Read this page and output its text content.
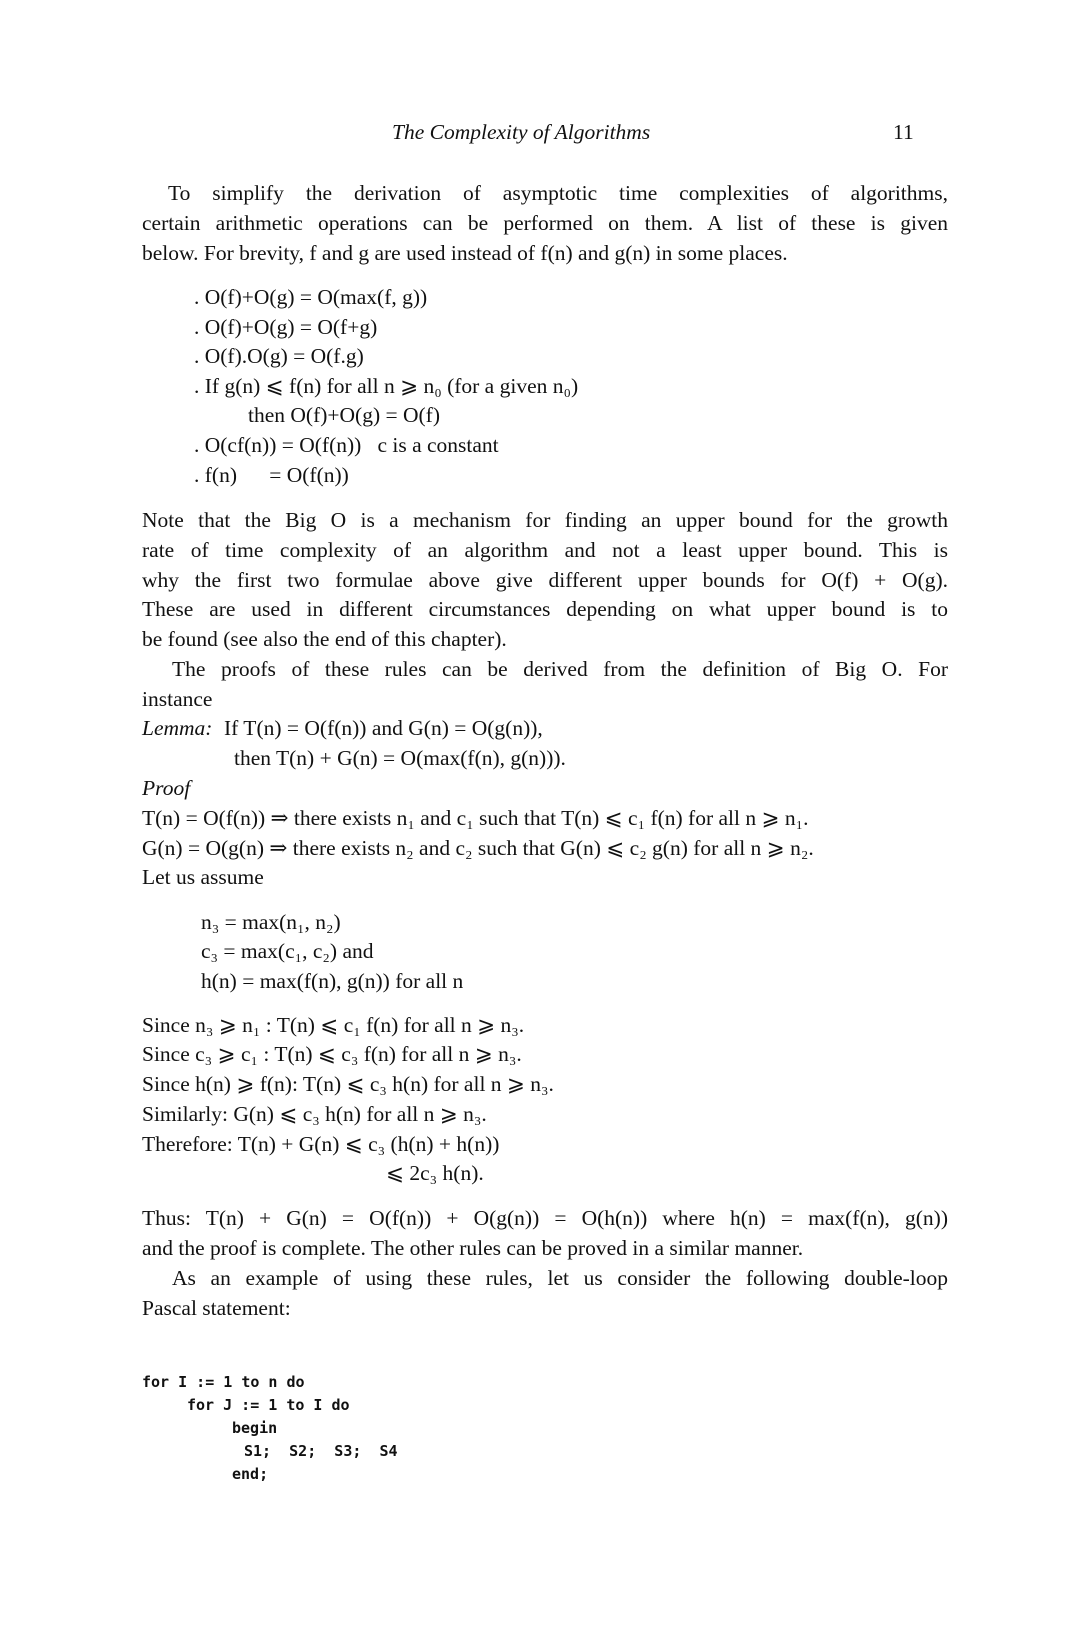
The Complexity of Algorithms	11
To simplify the derivation of asymptotic time complexities of algorithms,
certain arithmetic operations can be performed on them. A list of these is given
below. For brevity, f and g are used instead of f(n) and g(n) in some places.
. O(f)+O(g) = O(max(f, g))
. O(f)+O(g) = O(f+g)
. O(f).O(g) = O(f.g)
. If g(n) ⩽ f(n) for all n ⩾ n₀ (for a given n₀)
then O(f)+O(g) = O(f)
. O(cf(n)) = O(f(n))   c is a constant
. f(n)      = O(f(n))
Note that the Big O is a mechanism for finding an upper bound for the growth
rate of time complexity of an algorithm and not a least upper bound. This is
why the first two formulae above give different upper bounds for O(f) + O(g).
These are used in different circumstances depending on what upper bound is to
be found (see also the end of this chapter).
The proofs of these rules can be derived from the definition of Big O. For
instance
Lemma: If T(n) = O(f(n)) and G(n) = O(g(n)),
then T(n) + G(n) = O(max(f(n), g(n))).
Proof
T(n) = O(f(n)) ⇒ there exists n₁ and c₁ such that T(n) ⩽ c₁ f(n) for all n ⩾ n₁.
G(n) = O(g(n) ⇒ there exists n₂ and c₂ such that G(n) ⩽ c₂ g(n) for all n ⩾ n₂.
Let us assume
n₃ = max(n₁, n₂)
c₃ = max(c₁, c₂) and
h(n) = max(f(n), g(n)) for all n
Since n₃ ⩾ n₁ : T(n) ⩽ c₁ f(n) for all n ⩾ n₃.
Since c₃ ⩾ c₁ : T(n) ⩽ c₃ f(n) for all n ⩾ n₃.
Since h(n) ⩾ f(n): T(n) ⩽ c₃ h(n) for all n ⩾ n₃.
Similarly: G(n) ⩽ c₃ h(n) for all n ⩾ n₃.
Therefore: T(n) + G(n) ⩽ c₃ (h(n) + h(n))
⩽ 2c₃ h(n).
Thus: T(n) + G(n) = O(f(n)) + O(g(n)) = O(h(n)) where h(n) = max(f(n), g(n))
and the proof is complete. The other rules can be proved in a similar manner.
As an example of using these rules, let us consider the following double-loop
Pascal statement:
for I := 1 to n do
for J := 1 to I do
begin
S1;  S2;  S3;  S4
end;
